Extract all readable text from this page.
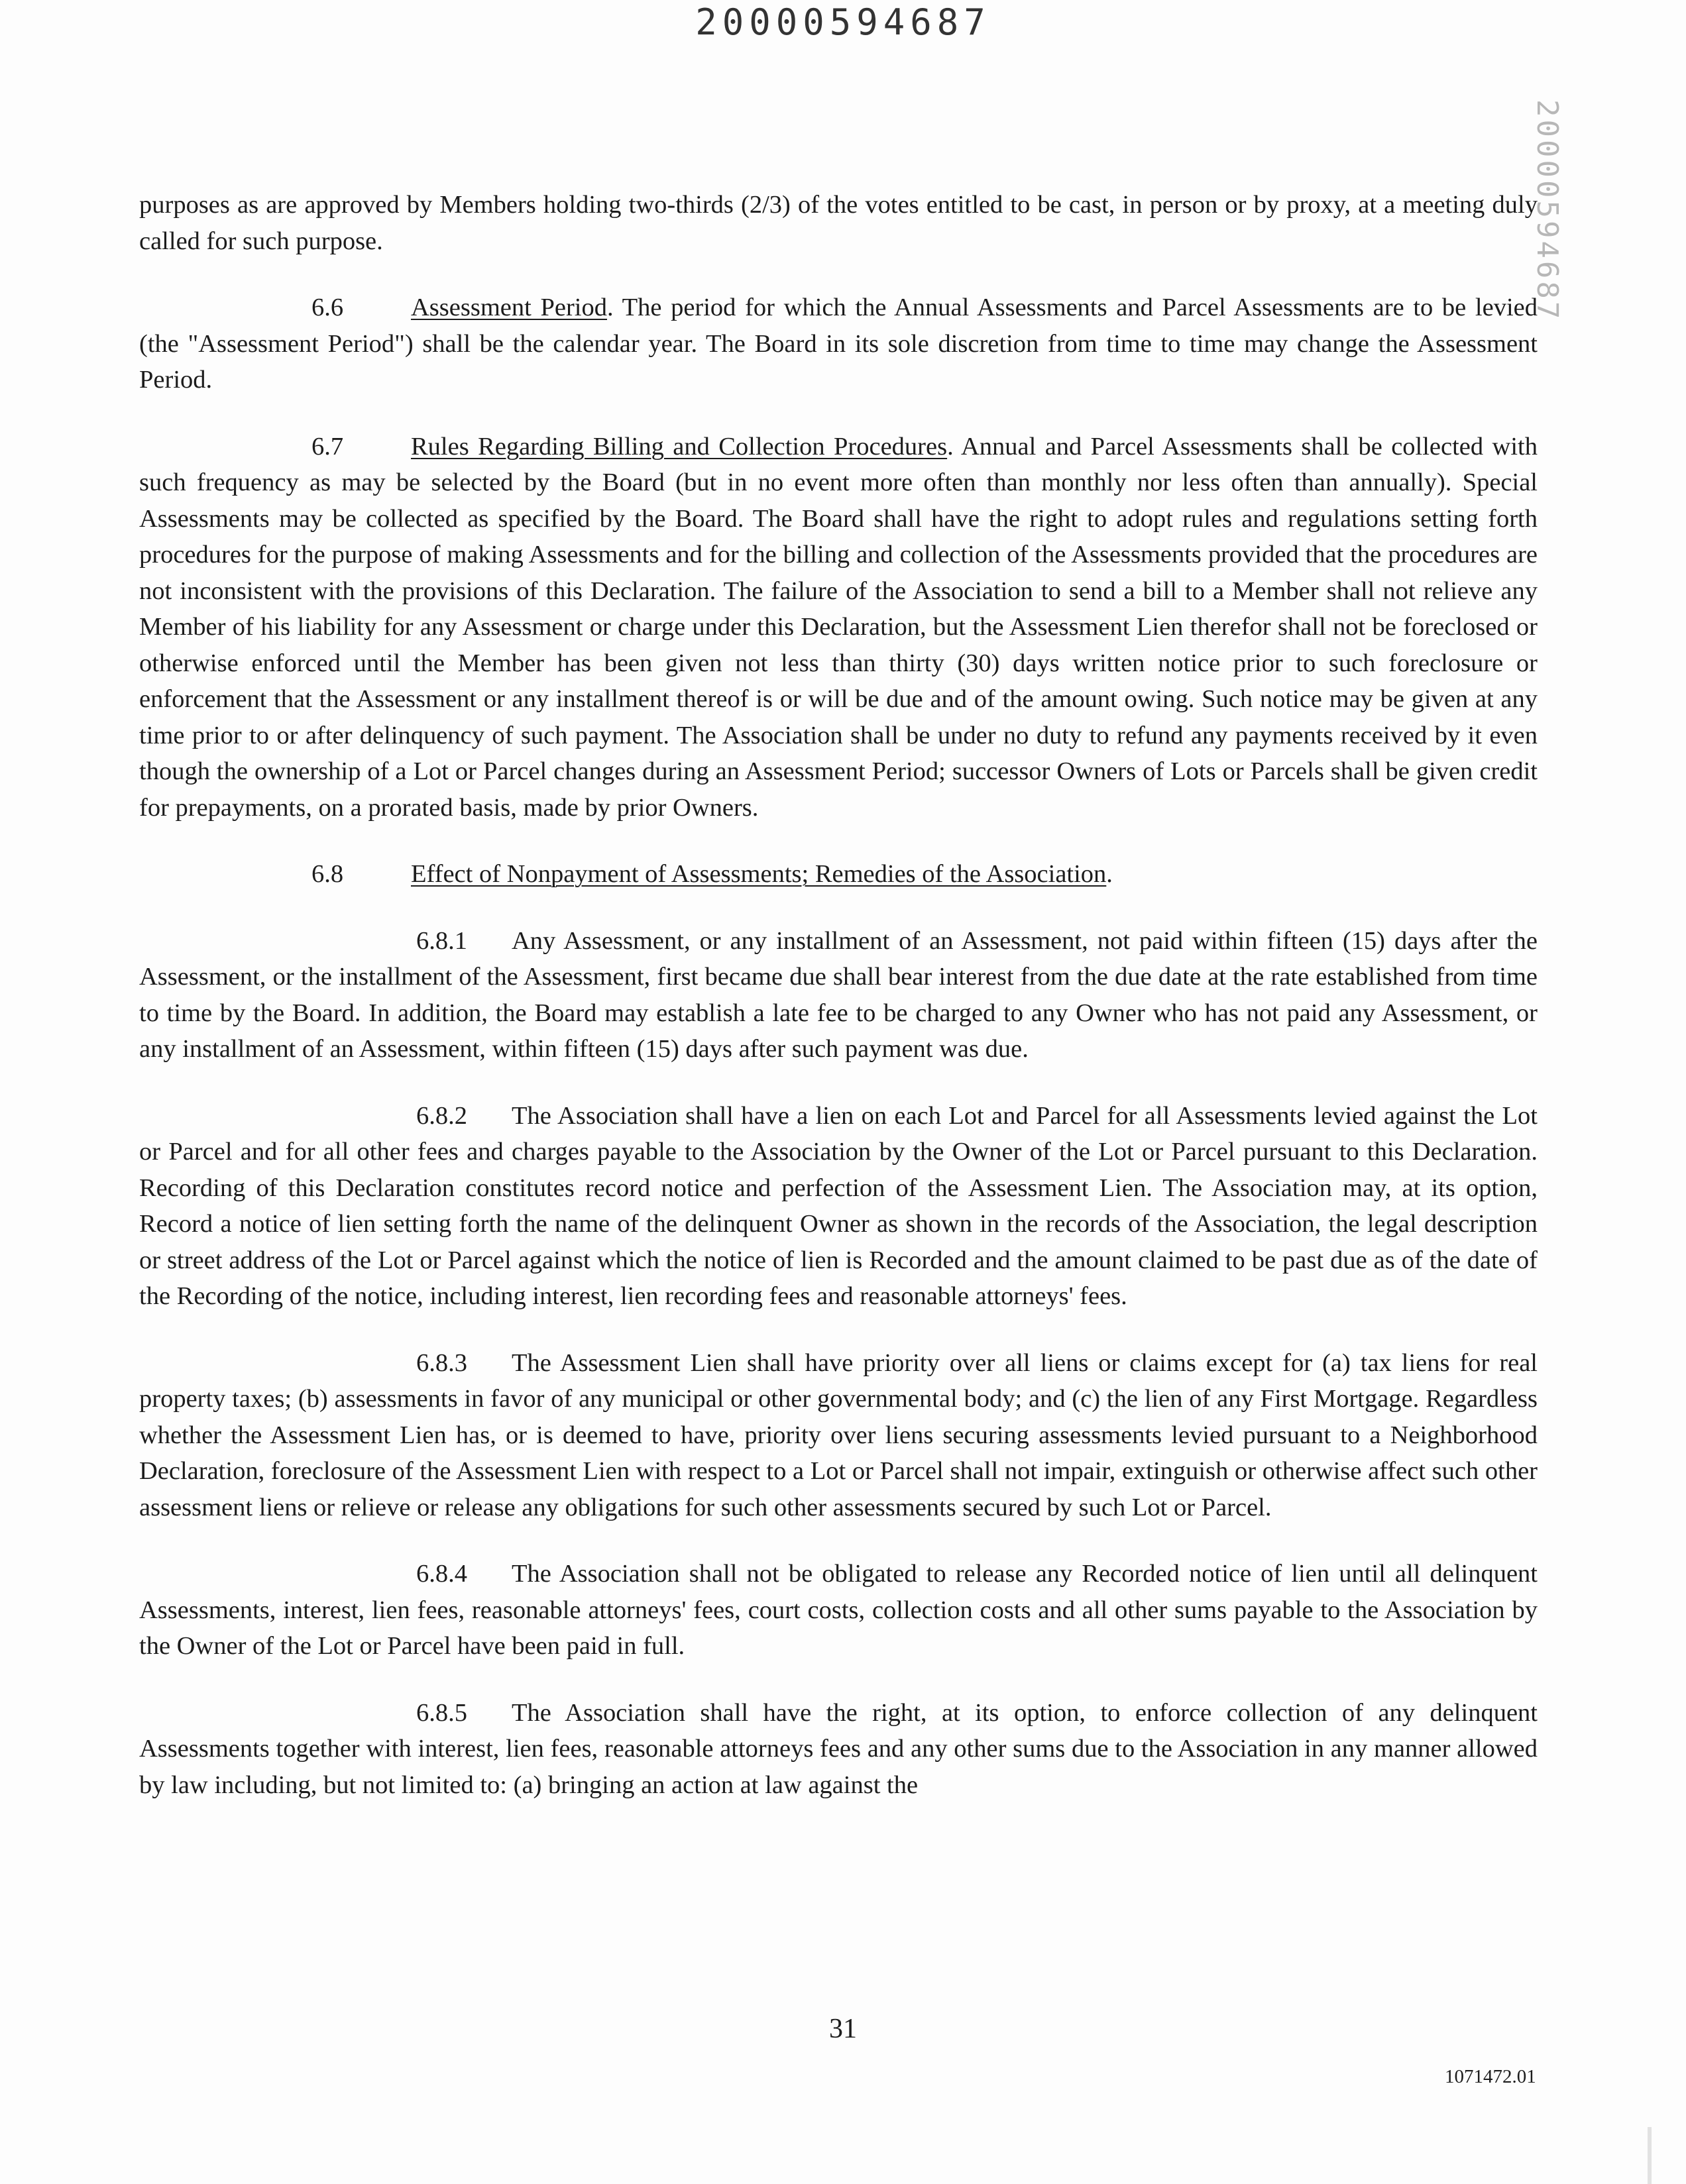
20000594687
20000594687

purposes as are approved by Members holding two-thirds (2/3) of the votes entitled to be cast, in person or by proxy, at a meeting duly called for such purpose.

6.6	Assessment Period. The period for which the Annual Assessments and Parcel Assessments are to be levied (the "Assessment Period") shall be the calendar year. The Board in its sole discretion from time to time may change the Assessment Period.

6.7	Rules Regarding Billing and Collection Procedures. Annual and Parcel Assessments shall be collected with such frequency as may be selected by the Board (but in no event more often than monthly nor less often than annually). Special Assessments may be collected as specified by the Board. The Board shall have the right to adopt rules and regulations setting forth procedures for the purpose of making Assessments and for the billing and collection of the Assessments provided that the procedures are not inconsistent with the provisions of this Declaration. The failure of the Association to send a bill to a Member shall not relieve any Member of his liability for any Assessment or charge under this Declaration, but the Assessment Lien therefor shall not be foreclosed or otherwise enforced until the Member has been given not less than thirty (30) days written notice prior to such foreclosure or enforcement that the Assessment or any installment thereof is or will be due and of the amount owing. Such notice may be given at any time prior to or after delinquency of such payment. The Association shall be under no duty to refund any payments received by it even though the ownership of a Lot or Parcel changes during an Assessment Period; successor Owners of Lots or Parcels shall be given credit for prepayments, on a prorated basis, made by prior Owners.

6.8	Effect of Nonpayment of Assessments; Remedies of the Association.

6.8.1 Any Assessment, or any installment of an Assessment, not paid within fifteen (15) days after the Assessment, or the installment of the Assessment, first became due shall bear interest from the due date at the rate established from time to time by the Board. In addition, the Board may establish a late fee to be charged to any Owner who has not paid any Assessment, or any installment of an Assessment, within fifteen (15) days after such payment was due.

6.8.2 The Association shall have a lien on each Lot and Parcel for all Assessments levied against the Lot or Parcel and for all other fees and charges payable to the Association by the Owner of the Lot or Parcel pursuant to this Declaration. Recording of this Declaration constitutes record notice and perfection of the Assessment Lien. The Association may, at its option, Record a notice of lien setting forth the name of the delinquent Owner as shown in the records of the Association, the legal description or street address of the Lot or Parcel against which the notice of lien is Recorded and the amount claimed to be past due as of the date of the Recording of the notice, including interest, lien recording fees and reasonable attorneys' fees.

6.8.3 The Assessment Lien shall have priority over all liens or claims except for (a) tax liens for real property taxes; (b) assessments in favor of any municipal or other governmental body; and (c) the lien of any First Mortgage. Regardless whether the Assessment Lien has, or is deemed to have, priority over liens securing assessments levied pursuant to a Neighborhood Declaration, foreclosure of the Assessment Lien with respect to a Lot or Parcel shall not impair, extinguish or otherwise affect such other assessment liens or relieve or release any obligations for such other assessments secured by such Lot or Parcel.

6.8.4 The Association shall not be obligated to release any Recorded notice of lien until all delinquent Assessments, interest, lien fees, reasonable attorneys' fees, court costs, collection costs and all other sums payable to the Association by the Owner of the Lot or Parcel have been paid in full.

6.8.5 The Association shall have the right, at its option, to enforce collection of any delinquent Assessments together with interest, lien fees, reasonable attorneys fees and any other sums due to the Association in any manner allowed by law including, but not limited to: (a) bringing an action at law against the

31
1071472.01
